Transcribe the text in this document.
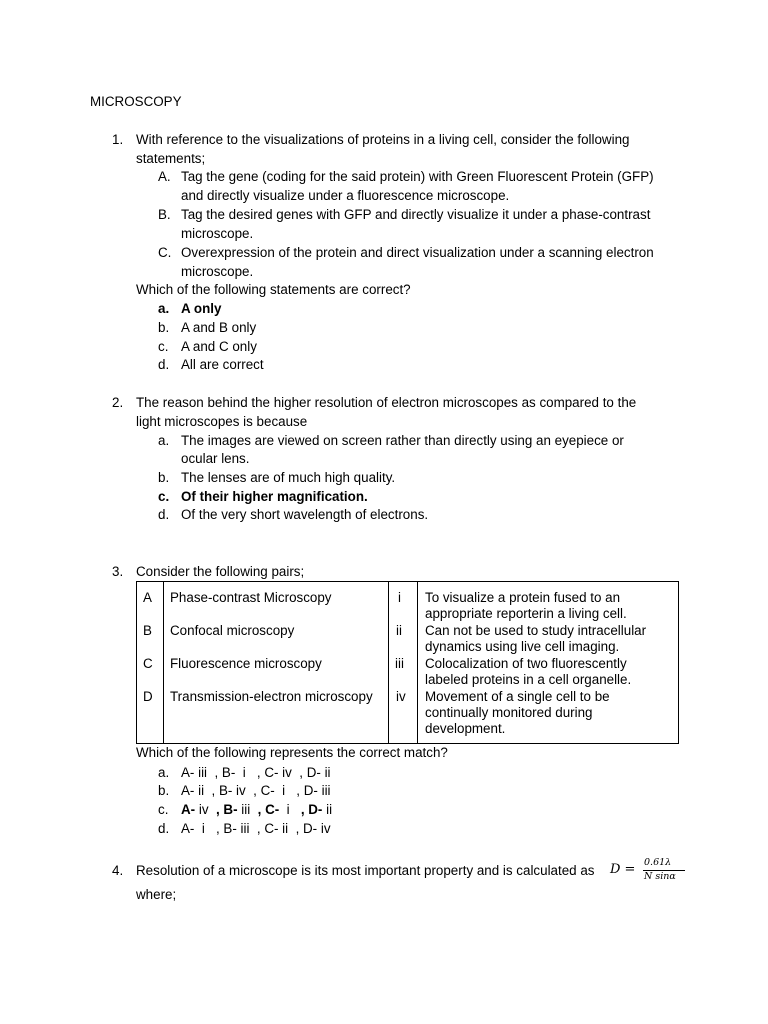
MICROSCOPY
1. With reference to the visualizations of proteins in a living cell, consider the following
statements;
A. Tag the gene (coding for the said protein) with Green Fluorescent Protein (GFP)
and directly visualize under a fluorescence microscope.
B. Tag the desired genes with GFP and directly visualize it under a phase-contrast
microscope.
C. Overexpression of the protein and direct visualization under a scanning electron
microscope.
Which of the following statements are correct?
a. A only
b. A and B only
c. A and C only
d. All are correct
2. The reason behind the higher resolution of electron microscopes as compared to the
light microscopes is because
a. The images are viewed on screen rather than directly using an eyepiece or
ocular lens.
b. The lenses are of much high quality.
c. Of their higher magnification.
d. Of the very short wavelength of electrons.
3. Consider the following pairs;
A Phase-contrast Microscopy	i To visualize a protein fused to an
appropriate reporterin a living cell.
B Confocal microscopy	ii Can not be used to study intracellular
dynamics using live cell imaging.
C Fluorescence microscopy	iii Colocalization of two fluorescently
labeled proteins in a cell organelle.
D Transmission-electron microscopy iv Movement of a single cell to be
continually monitored during
development.
Which of the following represents the correct match?
a. A- iii  , B-  i   , C- iv  , D- ii
b. A- ii  , B- iv  , C-  i   , D- iii
c. A- iv  , B- iii  , C-  i   , D- ii
d. A-  i   , B- iii  , C- ii  , D- iv
4. Resolution of a microscope is its most important property and is calculated as D = 0.61λ
N sinα
where;
